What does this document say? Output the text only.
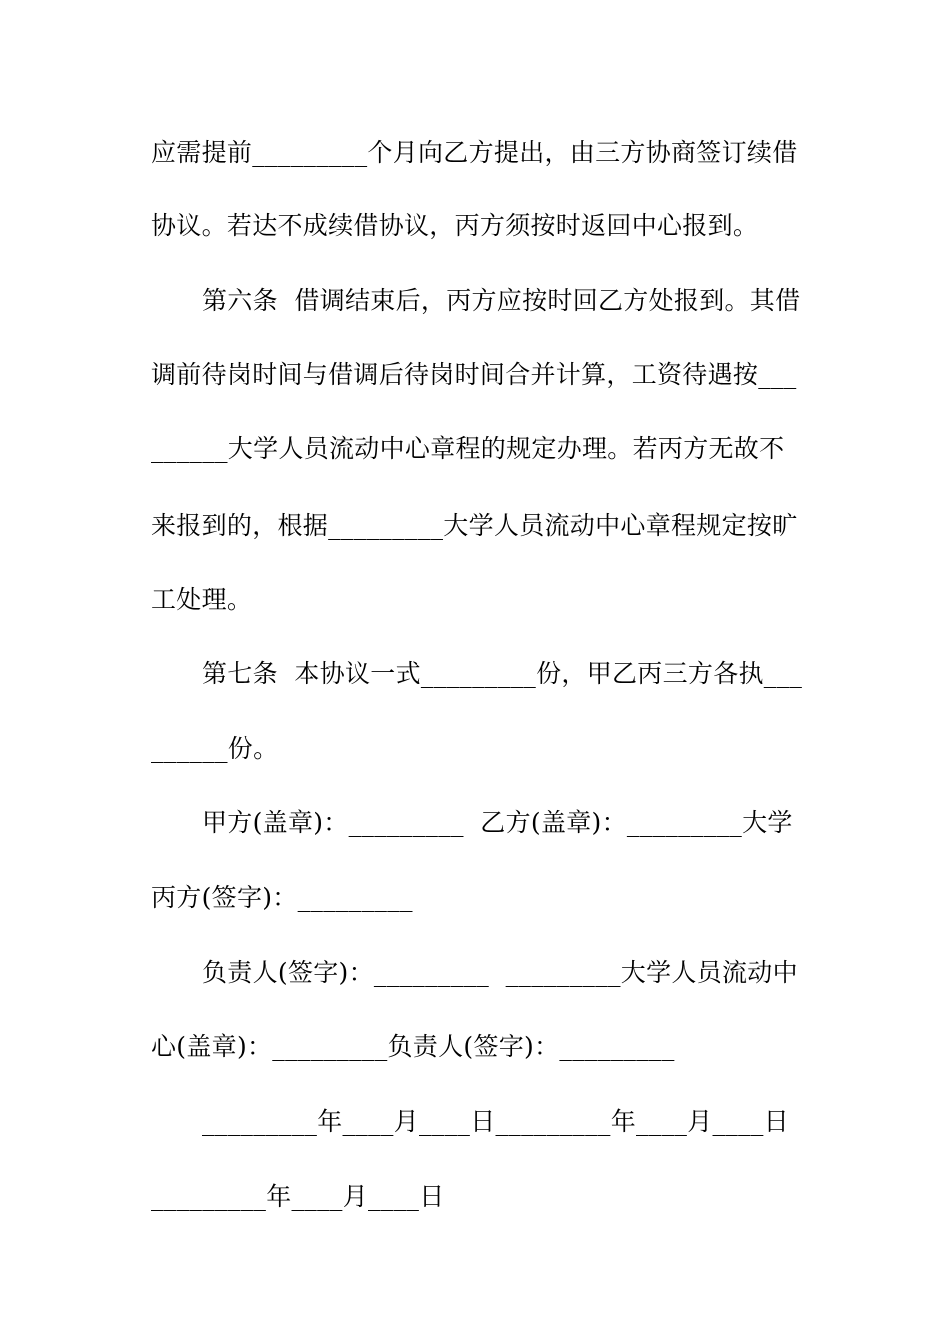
应需提前_________个月向乙方提出，由三方协商签订续借
协议。若达不成续借协议，丙方须按时返回中心报到。
第六条  借调结束后，丙方应按时回乙方处报到。其借
调前待岗时间与借调后待岗时间合并计算，工资待遇按___
______大学人员流动中心章程的规定办理。若丙方无故不
来报到的，根据_________大学人员流动中心章程规定按旷
工处理。
第七条  本协议一式_________份，甲乙丙三方各执___
______份。
甲方(盖章)：_________  乙方(盖章)：_________大学
丙方(签字)：_________
负责人(签字)：_________  _________大学人员流动中
心(盖章)：_________负责人(签字)：_________
_________年____月____日_________年____月____日
_________年____月____日
